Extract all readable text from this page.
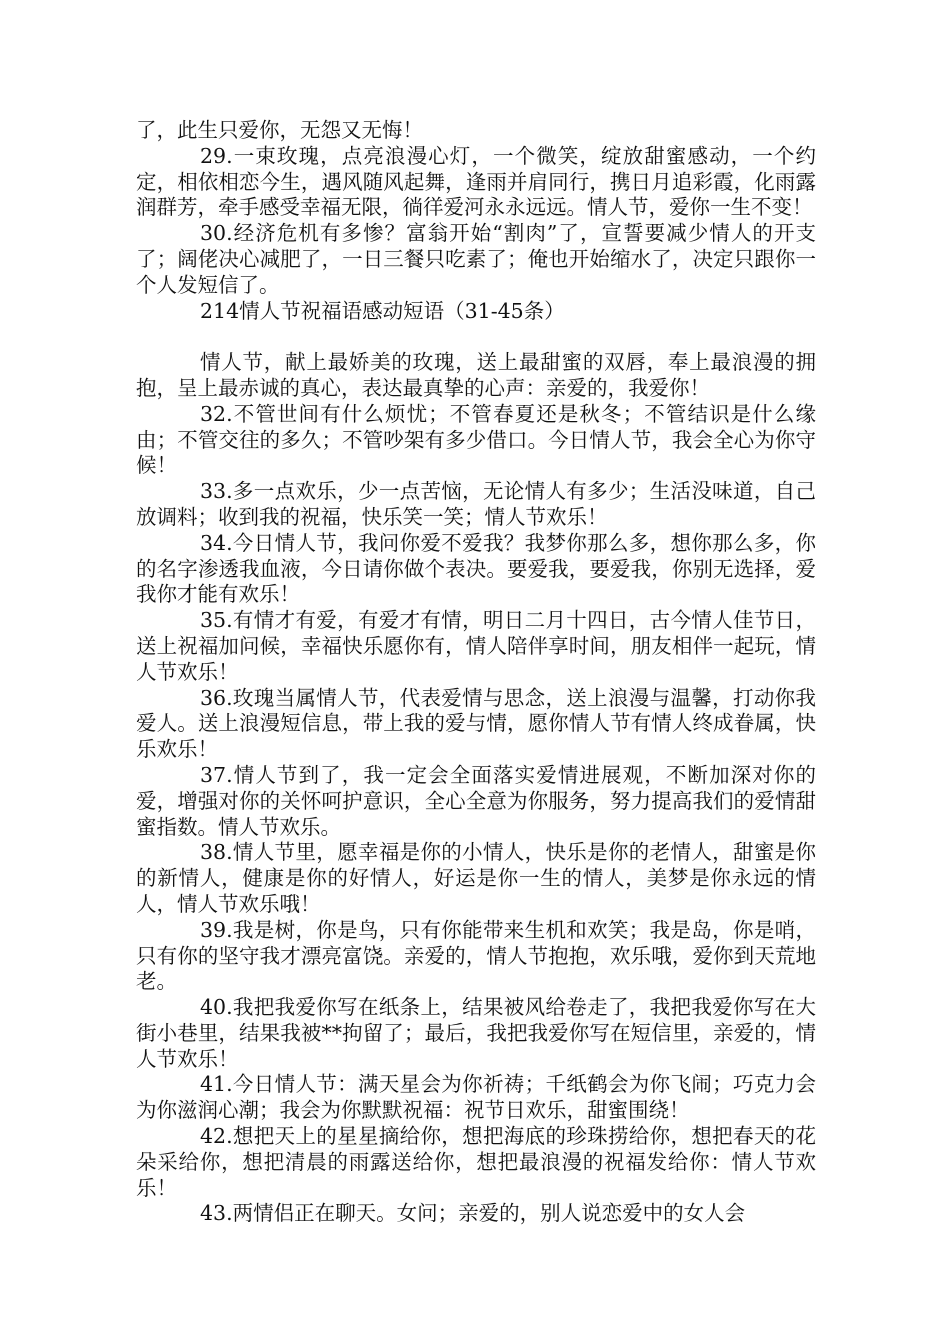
了，此生只爱你，无怨又无悔！

29.一束玫瑰，点亮浪漫心灯，一个微笑，绽放甜蜜感动，一个约定，相依相恋今生，遇风随风起舞，逢雨并肩同行，携日月追彩霞，化雨露润群芳，牵手感受幸福无限，徜徉爱河永永远远。情人节，爱你一生不变！

30.经济危机有多惨？富翁开始“割肉”了，宣誓要减少情人的开支了；阔佬决心减肥了，一日三餐只吃素了；俺也开始缩水了，决定只跟你一个人发短信了。

214情人节祝福语感动短语（31-45条）

情人节，献上最娇美的玫瑰，送上最甜蜜的双唇，奉上最浪漫的拥抱，呈上最赤诚的真心，表达最真挚的心声：亲爱的，我爱你！

32.不管世间有什么烦忧；不管春夏还是秋冬；不管结识是什么缘由；不管交往的多久；不管吵架有多少借口。今日情人节，我会全心为你守候！

33.多一点欢乐，少一点苦恼，无论情人有多少；生活没味道，自己放调料；收到我的祝福，快乐笑一笑；情人节欢乐！

34.今日情人节，我问你爱不爱我？我梦你那么多，想你那么多，你的名字渗透我血液，今日请你做个表决。要爱我，要爱我，你别无选择，爱我你才能有欢乐！

35.有情才有爱，有爱才有情，明日二月十四日，古今情人佳节日，送上祝福加问候，幸福快乐愿你有，情人陪伴享时间，朋友相伴一起玩，情人节欢乐！

36.玫瑰当属情人节，代表爱情与思念，送上浪漫与温馨，打动你我爱人。送上浪漫短信息，带上我的爱与情，愿你情人节有情人终成眷属，快乐欢乐！

37.情人节到了，我一定会全面落实爱情进展观，不断加深对你的爱，增强对你的关怀呵护意识，全心全意为你服务，努力提高我们的爱情甜蜜指数。情人节欢乐。

38.情人节里，愿幸福是你的小情人，快乐是你的老情人，甜蜜是你的新情人，健康是你的好情人，好运是你一生的情人，美梦是你永远的情人，情人节欢乐哦！

39.我是树，你是鸟，只有你能带来生机和欢笑；我是岛，你是哨，只有你的坚守我才漂亮富饶。亲爱的，情人节抱抱，欢乐哦，爱你到天荒地老。

40.我把我爱你写在纸条上，结果被风给卷走了，我把我爱你写在大街小巷里，结果我被**拘留了；最后，我把我爱你写在短信里，亲爱的，情人节欢乐！

41.今日情人节：满天星会为你祈祷；千纸鹤会为你飞闹；巧克力会为你滋润心潮；我会为你默默祝福：祝节日欢乐，甜蜜围绕！

42.想把天上的星星摘给你，想把海底的珍珠捞给你，想把春天的花朵采给你，想把清晨的雨露送给你，想把最浪漫的祝福发给你：情人节欢乐！

43.两情侣正在聊天。女问；亲爱的，别人说恋爱中的女人会
